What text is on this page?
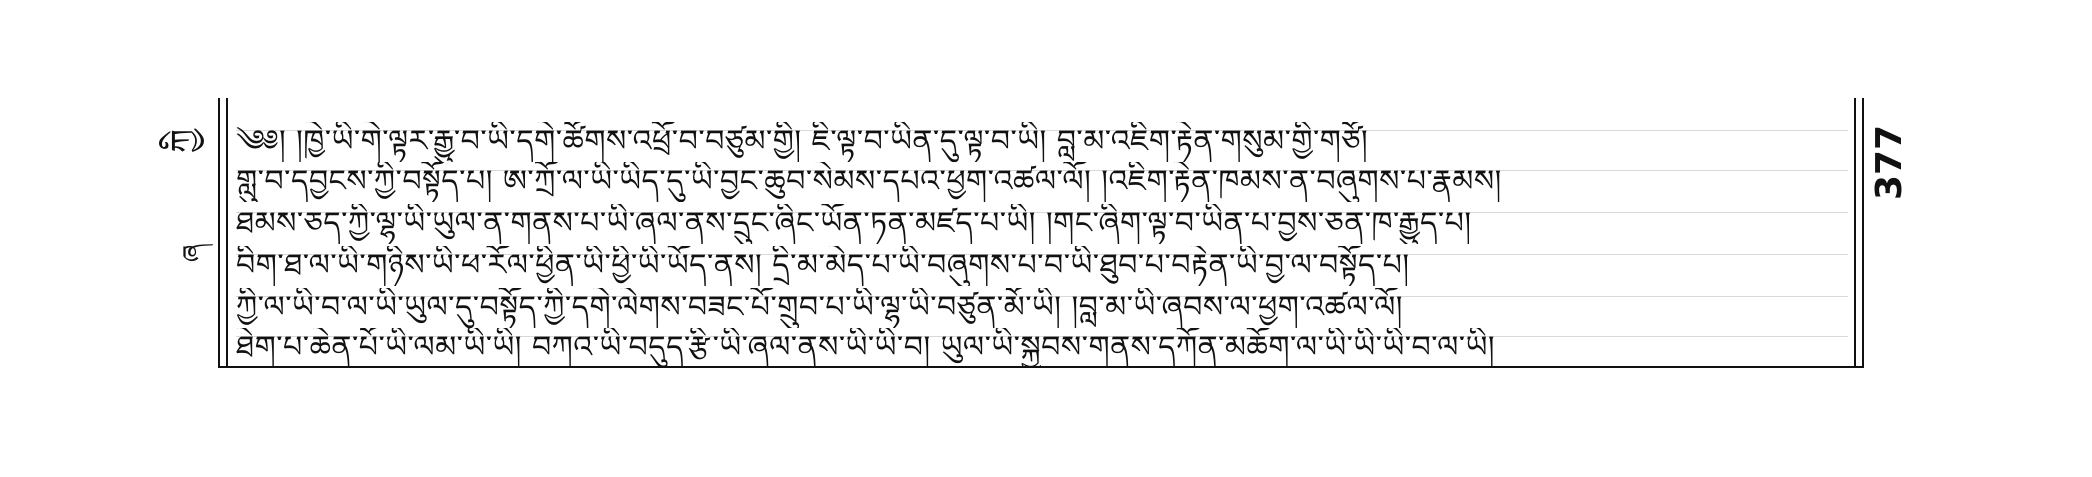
ཀྱི
ཞ
༄༅། །ཁྱེ་ཡི་གེ་ལྟར་རྒྱུ་བ་ཡི་དགེ་ཚོགས་འཕྲོ་བ་བཙུམ་གྱི། ཇི་ལྟ་བ་ཡིན་དུ་ལྟ་བ་ཡི། བླ་མ་འཇིག་རྟེན་གསུམ་གྱི་གཙོ།
གླུ་བ་དབྱངས་ཀྱི་བསྟོད་པ། ཨ་ཀྲོ་ལ་ཡི་ཡིད་དུ་ཡི་བྱང་ཆུབ་སེམས་དཔའ་ཕྱག་འཚལ་ལོ། །འཇིག་རྟེན་ཁམས་ན་བཞུགས་པ་རྣམས།
ཐམས་ཅད་ཀྱི་ལྷ་ཡི་ཡུལ་ན་གནས་པ་ཡི་ཞལ་ནས་དྲུང་ཞིང་ཡོན་ཏན་མཛད་པ་ཡི། །གང་ཞིག་ལྟ་བ་ཡིན་པ་བྱས་ཅན་ཁ་རྒྱུད་པ།
བིག་ཐ་ལ་ཡི་གཉིས་ཡི་ཕ་རོལ་ཕྱིན་ཡི་ཕྱི་ཡི་ཡོད་ནས། དྲི་མ་མེད་པ་ཡི་བཞུགས་པ་བ་ཡི་ཐུབ་པ་བརྟེན་ཡི་བྱ་ལ་བསྟོད་པ།
ཀྱི་ལ་ཡི་བ་ལ་ཡི་ཡུལ་དུ་བསྟོད་ཀྱི་དགེ་ལེགས་བཟང་པོ་གྲུབ་པ་ཡི་ལྷ་ཡི་བཙུན་མོ་ཡི། །བླ་མ་ཡི་ཞབས་ལ་ཕྱག་འཚལ་ལོ།
ཐེག་པ་ཆེན་པོ་ཡི་ལམ་ཡི་ཡི། བཀའ་ཡི་བདུད་རྩི་ཡི་ཞལ་ནས་ཡི་ཡི་བ། ཡུལ་ཡི་སྐྱབས་གནས་དཀོན་མཆོག་ལ་ཡི་ཡི་ཡི་བ་ལ་ཡི།
377
